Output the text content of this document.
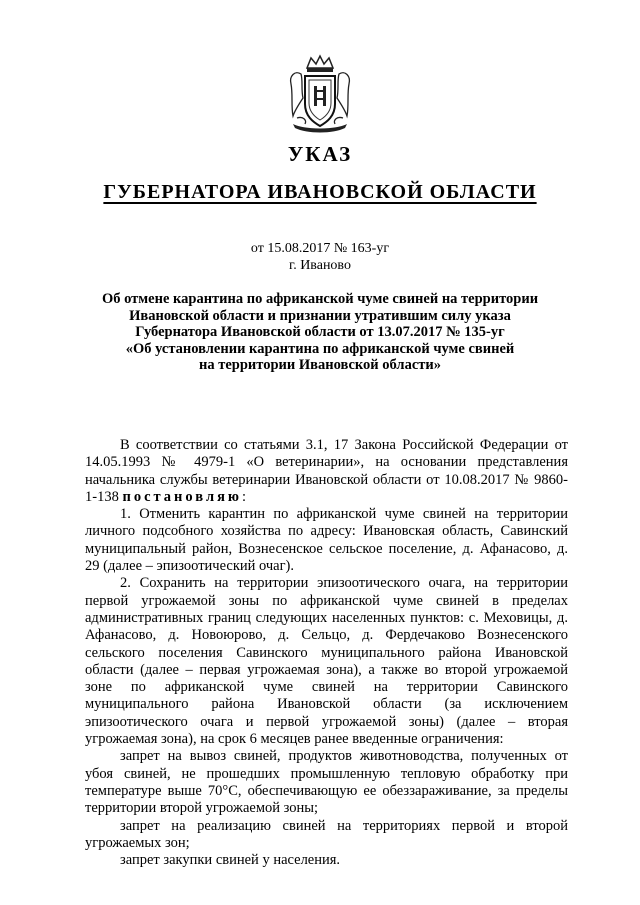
УКАЗ
ГУБЕРНАТОРА ИВАНОВСКОЙ ОБЛАСТИ
от 15.08.2017 № 163-уг
г. Иваново
Об отмене карантина по африканской чуме свиней на территории
Ивановской области и признании утратившим силу указа
Губернатора Ивановской области от 13.07.2017 № 135-уг
«Об установлении карантина по африканской чуме свиней
на территории Ивановской области»

В соответствии со статьями 3.1, 17 Закона Российской Федерации от 14.05.1993 № 4979-1 «О ветеринарии», на основании представления начальника службы ветеринарии Ивановской области от 10.08.2017 № 9860-1-138 постановляю:

1. Отменить карантин по африканской чуме свиней на территории личного подсобного хозяйства по адресу: Ивановская область, Савинский муниципальный район, Вознесенское сельское поселение, д. Афанасово, д. 29 (далее – эпизоотический очаг).

2. Сохранить на территории эпизоотического очага, на территории первой угрожаемой зоны по африканской чуме свиней в пределах административных границ следующих населенных пунктов: с. Меховицы, д. Афанасово, д. Новоюрово, д. Сельцо, д. Фердечаково Вознесенского сельского поселения Савинского муниципального района Ивановской области (далее – первая угрожаемая зона), а также во второй угрожаемой зоне по африканской чуме свиней на территории Савинского муниципального района Ивановской области (за исключением эпизоотического очага и первой угрожаемой зоны) (далее – вторая угрожаемая зона), на срок 6 месяцев ранее введенные ограничения:

запрет на вывоз свиней, продуктов животноводства, полученных от убоя свиней, не прошедших промышленную тепловую обработку при температуре выше 70°С, обеспечивающую ее обеззараживание, за пределы территории второй угрожаемой зоны;

запрет на реализацию свиней на территориях первой и второй угрожаемых зон;

запрет закупки свиней у населения.
